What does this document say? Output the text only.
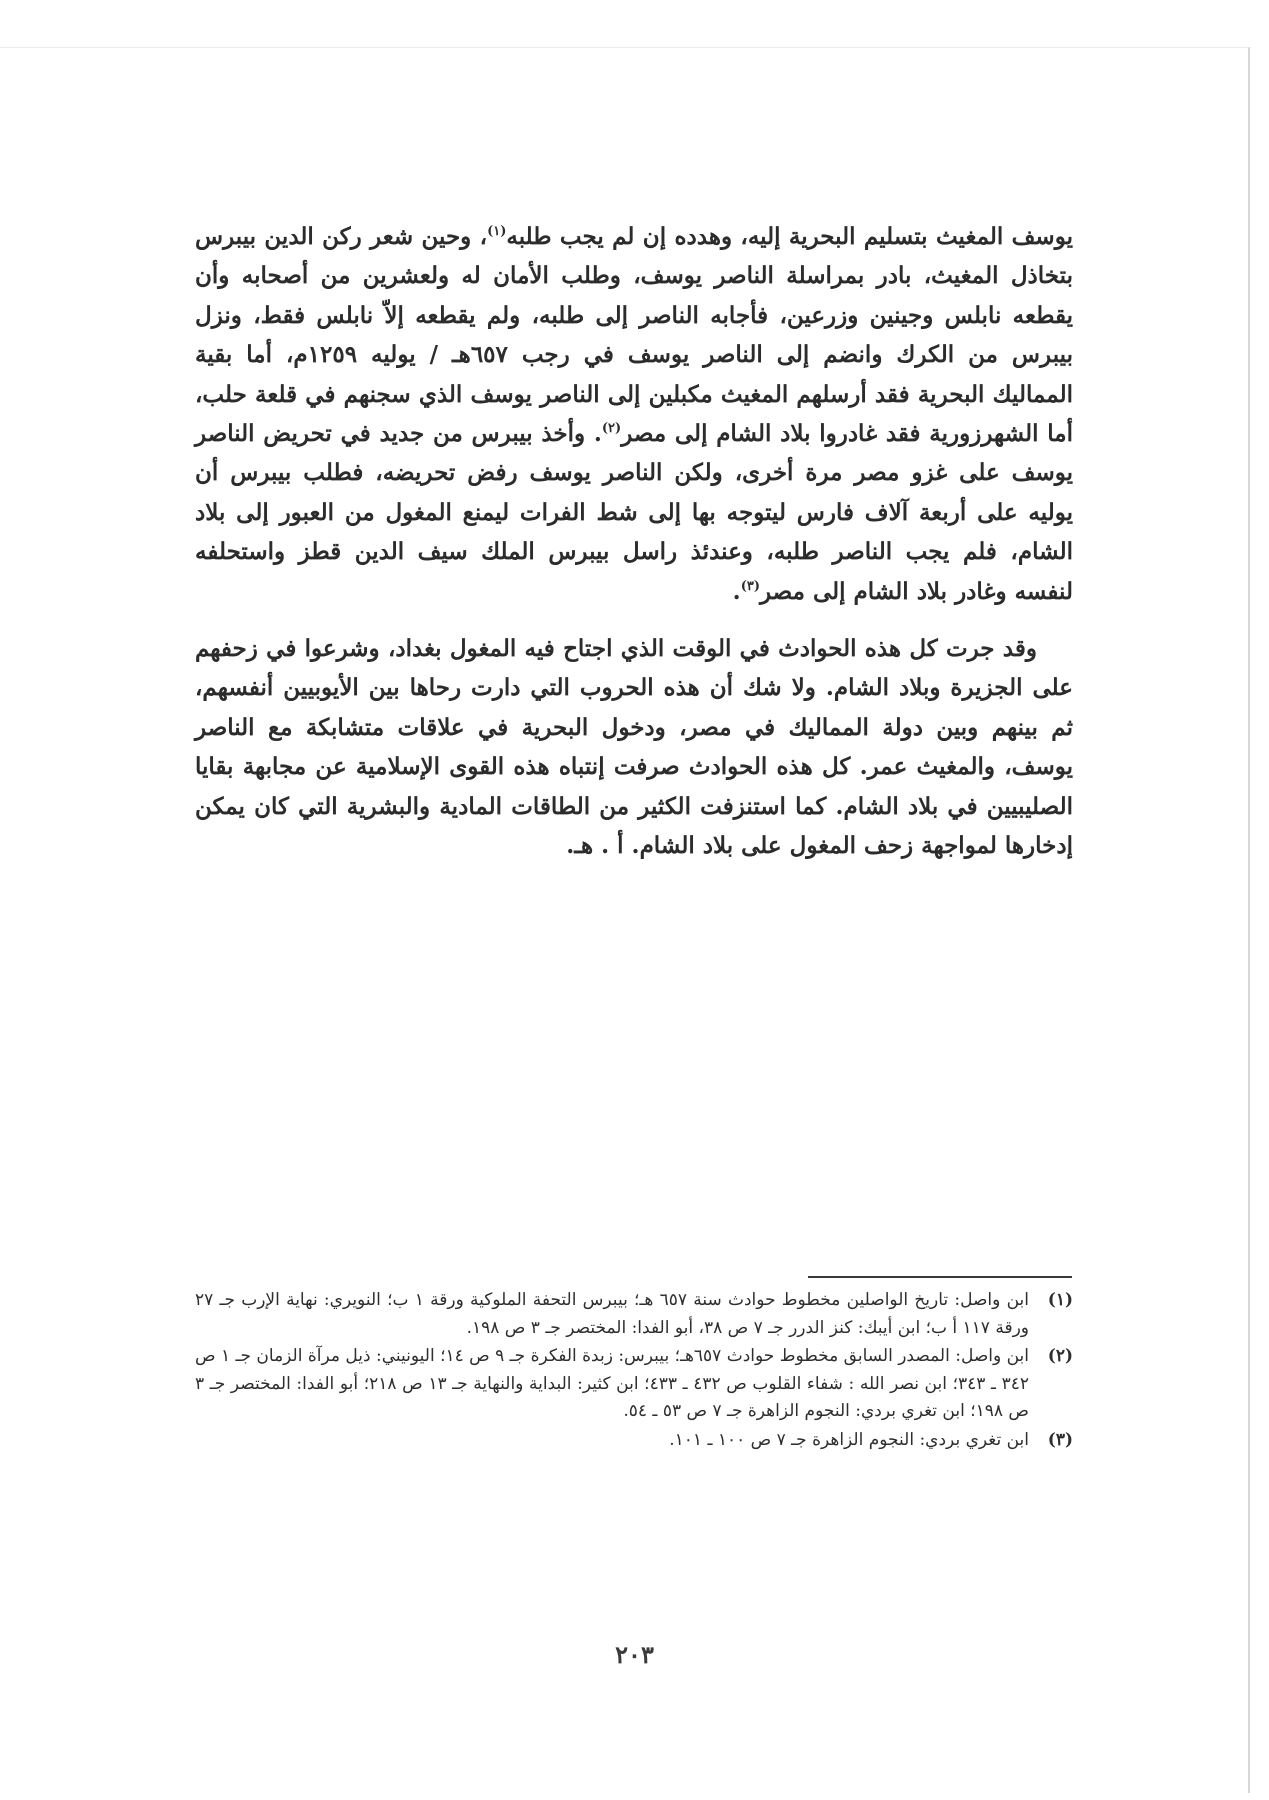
يوسف المغيث بتسليم البحرية إليه، وهدده إن لم يجب طلبه$^{(١)}$، وحين شعر ركن الدين بيبرس بتخاذل المغيث، بادر بمراسلة الناصر يوسف، وطلب الأمان له ولعشرين من أصحابه وأن يقطعه نابلس وجينين وزرعين، فأجابه الناصر إلى طلبه، ولم يقطعه إلاّ نابلس فقط، ونزل بيبرس من الكرك وانضم إلى الناصر يوسف في رجب ٦٥٧هـ / يوليه ١٢٥٩م، أما بقية المماليك البحرية فقد أرسلهم المغيث مكبلين إلى الناصر يوسف الذي سجنهم في قلعة حلب، أما الشهرزورية فقد غادروا بلاد الشام إلى مصر$^{(٢)}$. وأخذ بيبرس من جديد في تحريض الناصر يوسف على غزو مصر مرة أخرى، ولكن الناصر يوسف رفض تحريضه، فطلب بيبرس أن يوليه على أربعة آلاف فارس ليتوجه بها إلى شط الفرات ليمنع المغول من العبور إلى بلاد الشام، فلم يجب الناصر طلبه، وعندئذ راسل بيبرس الملك سيف الدين قطز واستحلفه لنفسه وغادر بلاد الشام إلى مصر$^{(٣)}$.

وقد جرت كل هذه الحوادث في الوقت الذي اجتاح فيه المغول بغداد، وشرعوا في زحفهم على الجزيرة وبلاد الشام. ولا شك أن هذه الحروب التي دارت رحاها بين الأيوبيين أنفسهم، ثم بينهم وبين دولة المماليك في مصر، ودخول البحرية في علاقات متشابكة مع الناصر يوسف، والمغيث عمر. كل هذه الحوادث صرفت إنتباه هذه القوى الإسلامية عن مجابهة بقايا الصليبيين في بلاد الشام. كما استنزفت الكثير من الطاقات المادية والبشرية التي كان يمكن إدخارها لمواجهة زحف المغول على بلاد الشام. أ . هـ.

(١)ابن واصل: تاريخ الواصلين مخطوط حوادث سنة ٦٥٧ هـ؛ بيبرس التحفة الملوكية ورقة ١ ب؛ النويري: نهاية الإرب جـ ٢٧ ورقة ١١٧ أ ب؛ ابن أيبك: كنز الدرر جـ ٧ ص ٣٨، أبو الفدا: المختصر جـ ٣ ص ١٩٨.

(٢)ابن واصل: المصدر السابق مخطوط حوادث ٦٥٧هـ؛ بيبرس: زبدة الفكرة جـ ٩ ص ١٤؛ اليونيني: ذيل مرآة الزمان جـ ١ ص ٣٤٢ ـ ٣٤٣؛ ابن نصر الله : شفاء القلوب ص ٤٣٢ ـ ٤٣٣؛ ابن كثير: البداية والنهاية جـ ١٣ ص ٢١٨؛ أبو الفدا: المختصر جـ ٣ ص ١٩٨؛ ابن تغري بردي: النجوم الزاهرة جـ ٧ ص ٥٣ ـ ٥٤.

(٣)ابن تغري بردي: النجوم الزاهرة جـ ٧ ص ١٠٠ ـ ١٠١.

٢٠٣
